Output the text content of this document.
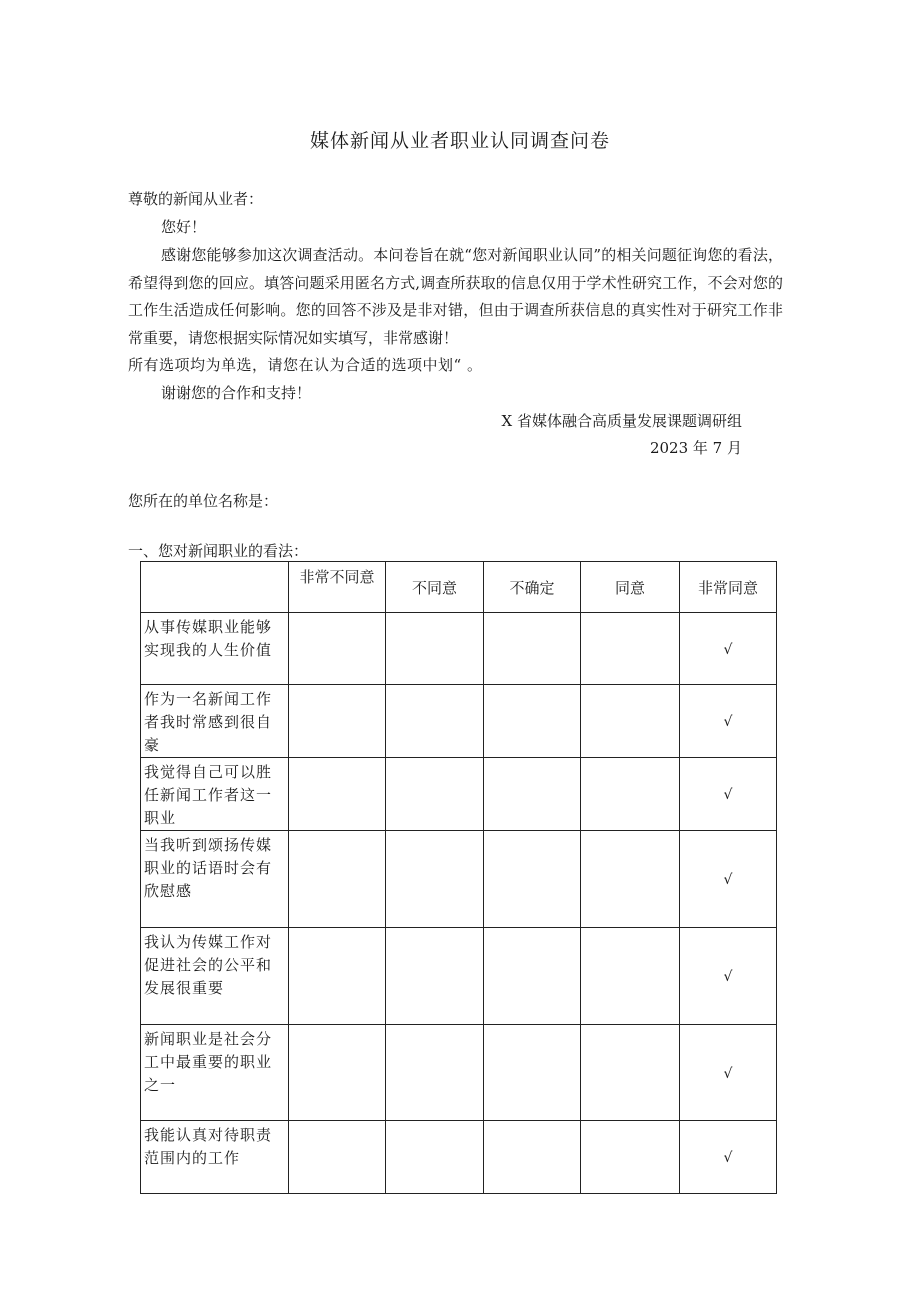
媒体新闻从业者职业认同调查问卷
尊敬的新闻从业者：
您好！
感谢您能够参加这次调查活动。本问卷旨在就“您对新闻职业认同”的相关问题征询您的看法，希望得到您的回应。填答问题采用匿名方式,调查所获取的信息仅用于学术性研究工作，不会对您的工作生活造成任何影响。您的回答不涉及是非对错，但由于调查所获信息的真实性对于研究工作非常重要，请您根据实际情况如实填写，非常感谢！
所有选项均为单选，请您在认为合适的选项中划“ 。
谢谢您的合作和支持！
X 省媒体融合高质量发展课题调研组
2023 年 7 月
您所在的单位名称是：
一、您对新闻职业的看法：
	非常不同意	不同意	不确定	同意	非常同意
从事传媒职业能够实现我的人生价值					√
作为一名新闻工作者我时常感到很自豪					√
我觉得自己可以胜任新闻工作者这一职业					√
当我听到颂扬传媒职业的话语时会有欣慰感					√
我认为传媒工作对促进社会的公平和发展很重要					√
新闻职业是社会分工中最重要的职业之一					√
我能认真对待职责范围内的工作					√
